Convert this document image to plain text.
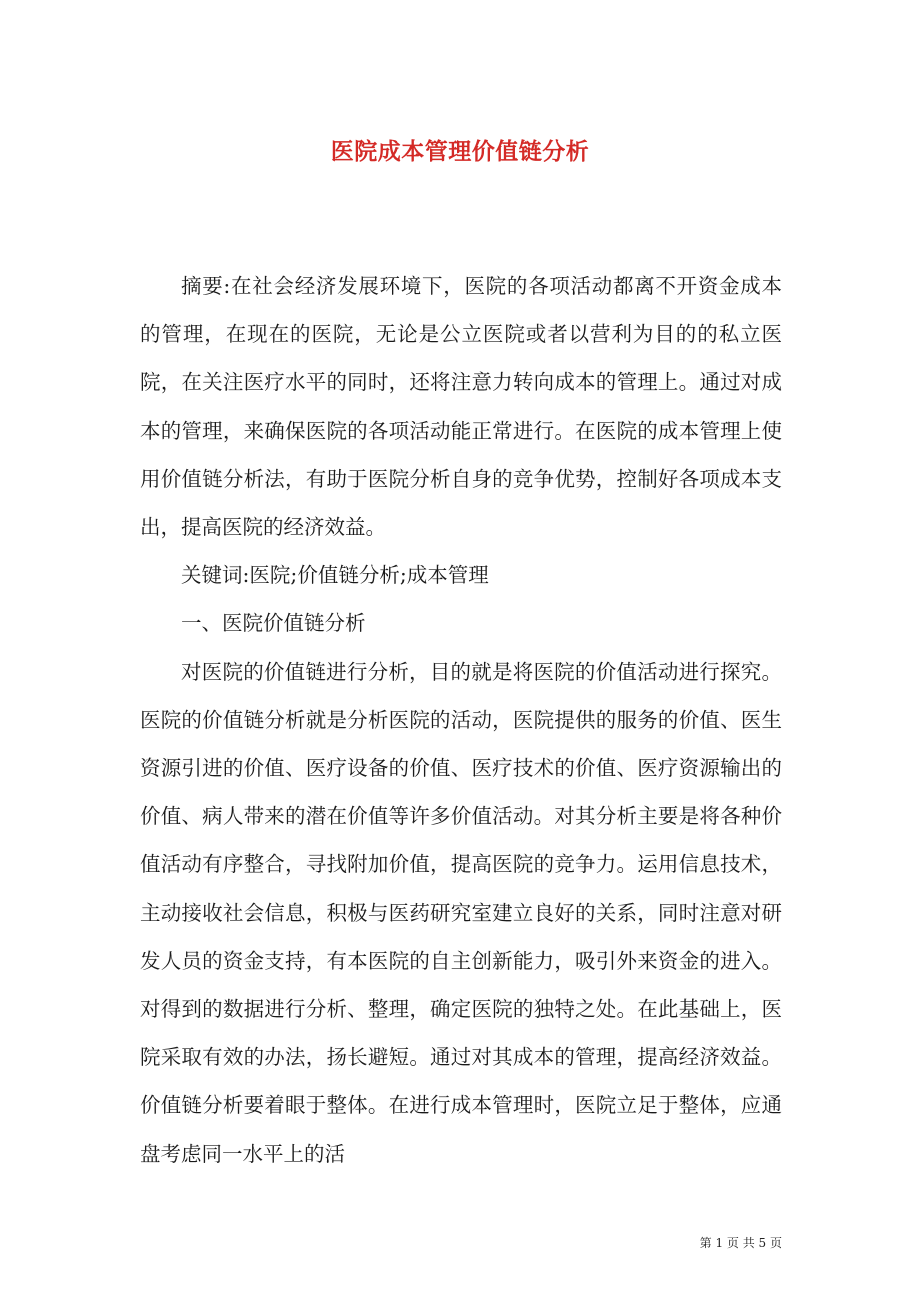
医院成本管理价值链分析

摘要:在社会经济发展环境下，医院的各项活动都离不开资金成本的管理，在现在的医院，无论是公立医院或者以营利为目的的私立医院，在关注医疗水平的同时，还将注意力转向成本的管理上。通过对成本的管理，来确保医院的各项活动能正常进行。在医院的成本管理上使用价值链分析法，有助于医院分析自身的竞争优势，控制好各项成本支出，提高医院的经济效益。

关键词:医院;价值链分析;成本管理

一、医院价值链分析

对医院的价值链进行分析，目的就是将医院的价值活动进行探究。医院的价值链分析就是分析医院的活动，医院提供的服务的价值、医生资源引进的价值、医疗设备的价值、医疗技术的价值、医疗资源输出的价值、病人带来的潜在价值等许多价值活动。对其分析主要是将各种价值活动有序整合，寻找附加价值，提高医院的竞争力。运用信息技术，主动接收社会信息，积极与医药研究室建立良好的关系，同时注意对研发人员的资金支持，有本医院的自主创新能力，吸引外来资金的进入。对得到的数据进行分析、整理，确定医院的独特之处。在此基础上，医院采取有效的办法，扬长避短。通过对其成本的管理，提高经济效益。价值链分析要着眼于整体。在进行成本管理时，医院立足于整体，应通盘考虑同一水平上的活

第 1 页 共 5 页
